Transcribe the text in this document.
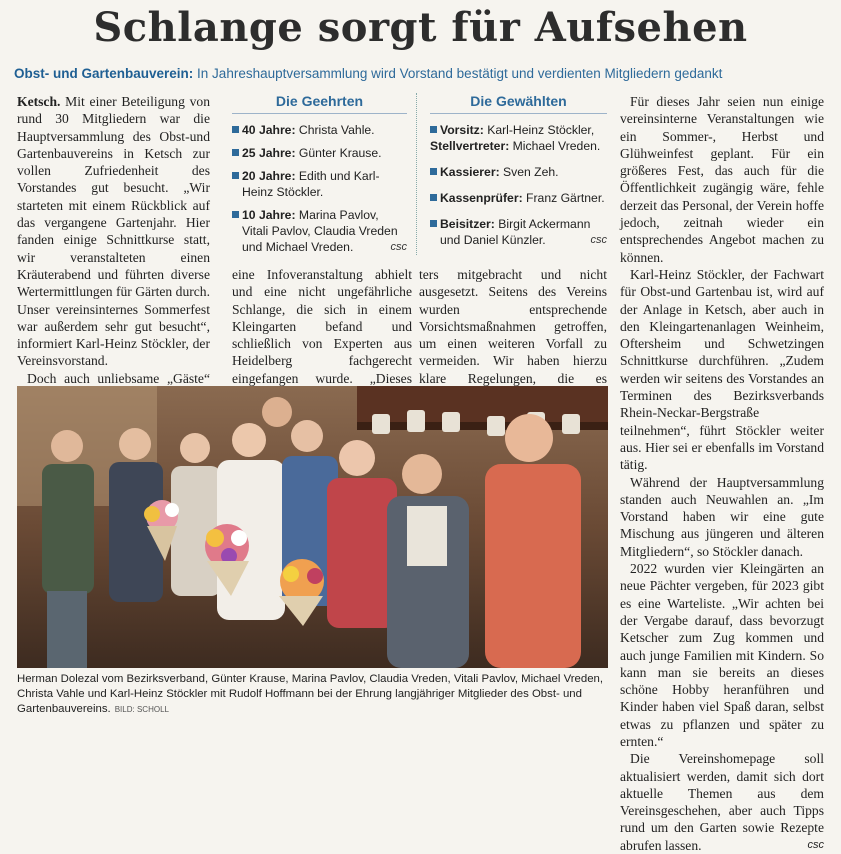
Schlange sorgt für Aufsehen
Obst- und Gartenbauverein: In Jahreshauptversammlung wird Vorstand bestätigt und verdienten Mitgliedern gedankt

Ketsch. Mit einer Beteiligung von rund 30 Mitgliedern war die Hauptversammlung des Obst-und Gartenbauvereins in Ketsch zur vollen Zufriedenheit des Vorstandes gut besucht. „Wir starteten mit einem Rückblick auf das vergangene Gartenjahr. Hier fanden einige Schnittkurse statt, wir veranstalteten einen Kräuterabend und führten diverse Wertermittlungen für Gärten durch. Unser vereinsinternes Sommerfest war außerdem sehr gut besucht“, informiert Karl-Heinz Stöckler, der Vereinsvorstand.

Doch auch unliebsame „Gäste“

Die Geehrten
40 Jahre: Christa Vahle.
25 Jahre: Günter Krause.
20 Jahre: Edith und Karl-Heinz Stöckler.
10 Jahre: Marina Pavlov, Vitali Pavlov, Claudia Vreden und Michael Vreden.	csc
Die Gewählten
Vorsitz: Karl-Heinz Stöckler,
Stellvertreter: Michael Vreden.
Kassierer: Sven Zeh.
Kassenprüfer: Franz Gärtner.
Beisitzer: Birgit Ackermann und Daniel Künzler.	csc

eine Infoveranstaltung abhielt und eine nicht ungefährliche Schlange, die sich in einem Kleingarten befand und schließlich von Experten aus Heidelberg fachgerecht eingefangen wurde. „Dieses

ters mitgebracht und nicht ausgesetzt. Seitens des Vereins wurden entsprechende Vorsichtsmaßnahmen getroffen, um einen weiteren Vorfall zu vermeiden. Wir haben hierzu klare Regelungen, die es

Für dieses Jahr seien nun einige vereinsinterne Veranstaltungen wie ein Sommer-, Herbst und Glühweinfest geplant. Für ein größeres Fest, das auch für die Öffentlichkeit zugängig wäre, fehle derzeit das Personal, der Verein hoffe jedoch, zeitnah wieder ein entsprechendes Angebot machen zu können.

Karl-Heinz Stöckler, der Fachwart für Obst-und Gartenbau ist, wird auf der Anlage in Ketsch, aber auch in den Kleingartenanlagen Weinheim, Oftersheim und Schwetzingen Schnittkurse durchführen. „Zudem werden wir seitens des Vorstandes an Terminen des Bezirksverbands Rhein-Neckar-Bergstraße teilnehmen“, führt Stöckler weiter aus. Hier sei er ebenfalls im Vorstand tätig.

Während der Hauptversammlung standen auch Neuwahlen an. „Im Vorstand haben wir eine gute Mischung aus jüngeren und älteren Mitgliedern“, so Stöckler danach.

2022 wurden vier Kleingärten an neue Pächter vergeben, für 2023 gibt es eine Warteliste. „Wir achten bei der Vergabe darauf, dass bevorzugt Ketscher zum Zug kommen und auch junge Familien mit Kindern. So kann man sie bereits an dieses schöne Hobby heranführen und Kinder haben viel Spaß daran, selbst etwas zu pflanzen und später zu ernten.“

Die Vereinshomepage soll aktualisiert werden, damit sich dort aktuelle Themen aus dem Vereinsgeschehen, aber auch Tipps rund um den Garten sowie Rezepte abrufen lassen.	csc

Herman Dolezal vom Bezirksverband, Günter Krause, Marina Pavlov, Claudia Vreden, Vitali Pavlov, Michael Vreden, Christa Vahle und Karl-Heinz Stöckler mit Rudolf Hoffmann bei der Ehrung langjähriger Mitglieder des Obst- und Gartenbauvereins. BILD: SCHOLL
